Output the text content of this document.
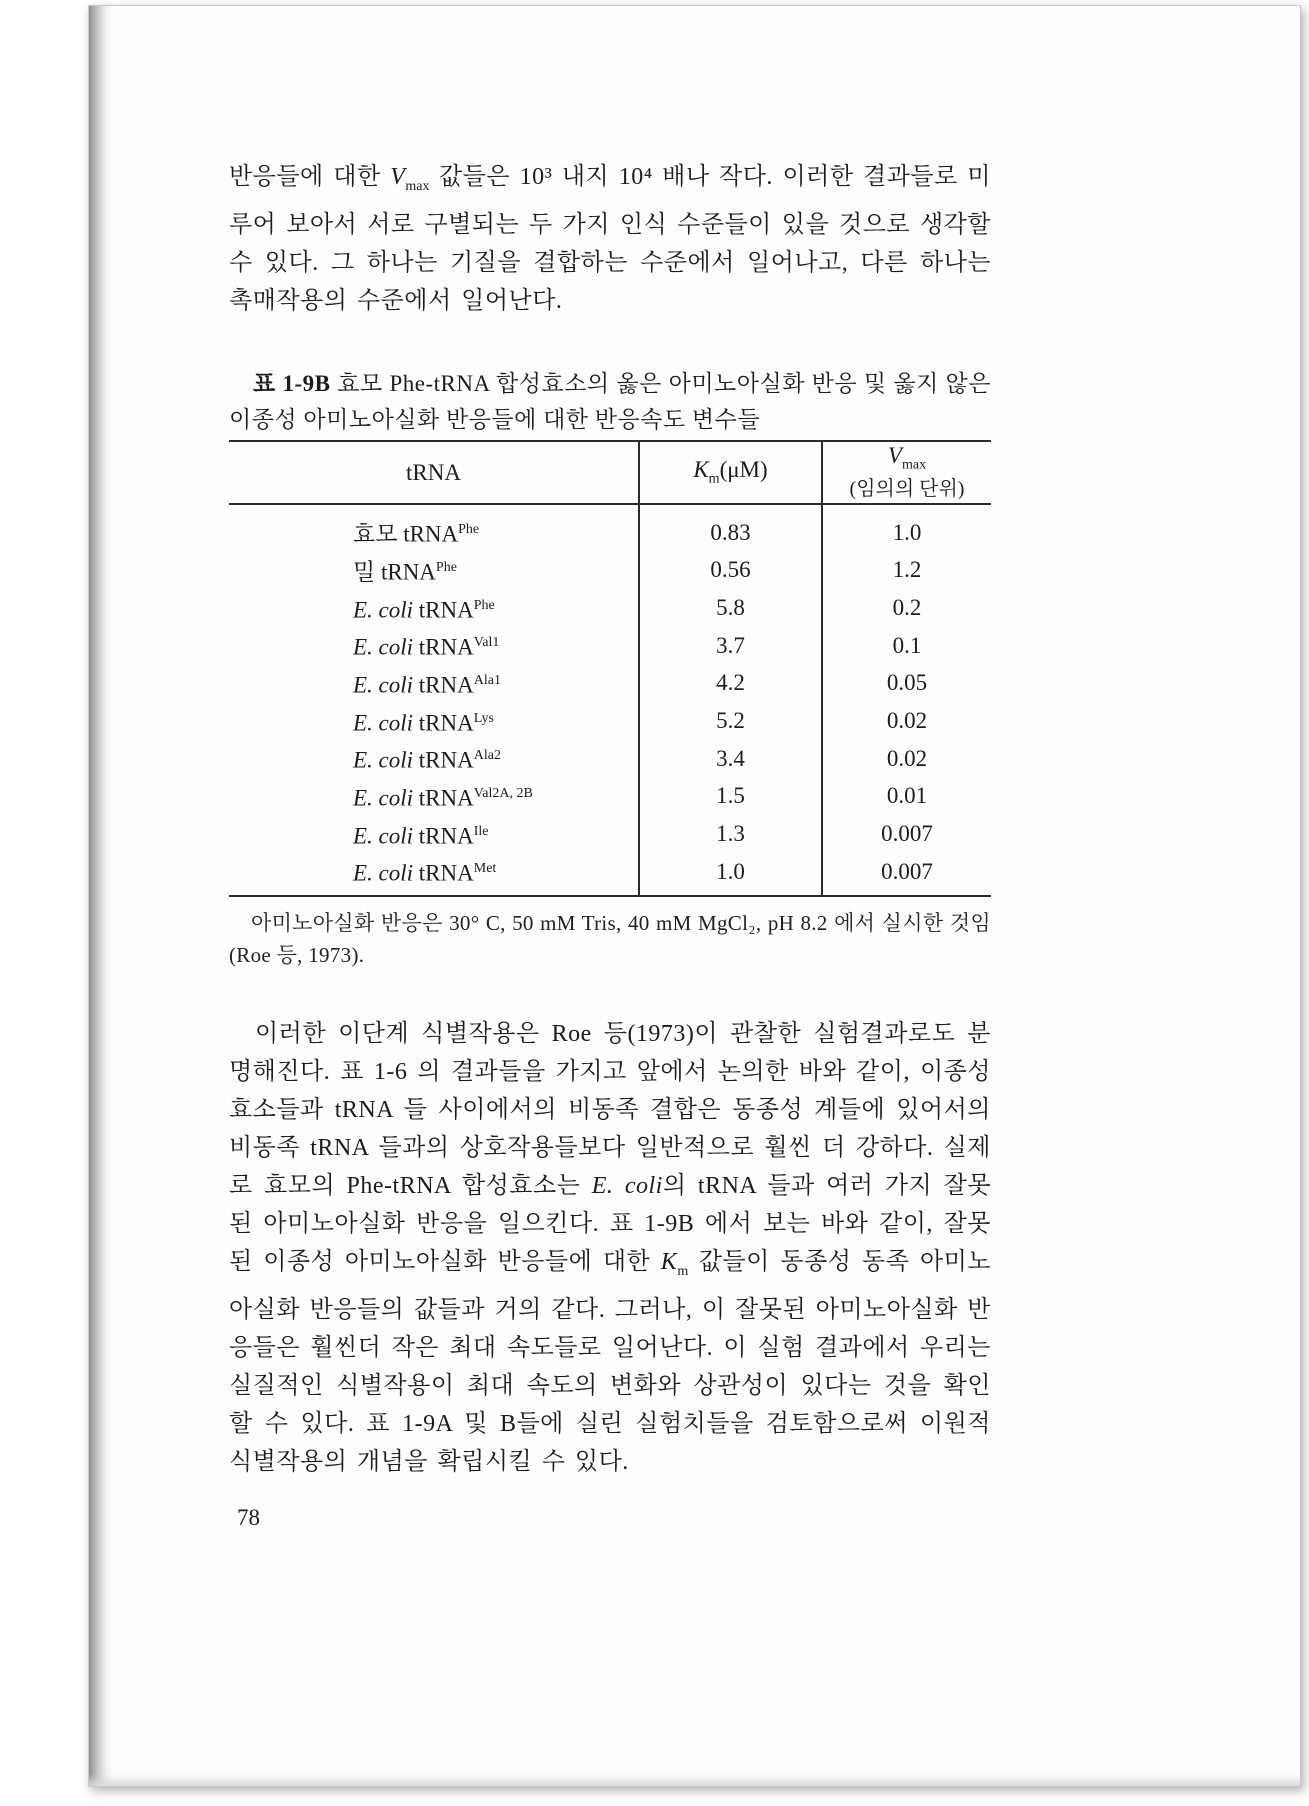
반응들에 대한 $V_{max}$ 값들은 10³ 내지 10⁴ 배나 작다. 이러한 결과들로 미루어 보아서 서로 구별되는 두 가지 인식 수준들이 있을 것으로 생각할 수 있다. 그 하나는 기질을 결합하는 수준에서 일어나고, 다른 하나는 촉매작용의 수준에서 일어난다.

표 1-9B 효모 Phe-tRNA 합성효소의 옳은 아미노아실화 반응 및 옳지 않은 이종성 아미노아실화 반응들에 대한 반응속도 변수들

tRNA	$K_m(\mu M)$	$V_{max}$
(임의의 단위)

효모 tRNA$^{Phe}$	0.83	1.0
밀 tRNA$^{Phe}$	0.56	1.2
E. coli tRNA$^{Phe}$	5.8	0.2
E. coli tRNA$^{Val1}$	3.7	0.1
E. coli tRNA$^{Ala1}$	4.2	0.05
E. coli tRNA$^{Lys}$	5.2	0.02
E. coli tRNA$^{Ala2}$	3.4	0.02
E. coli tRNA$^{Val2A, 2B}$	1.5	0.01
E. coli tRNA$^{Ile}$	1.3	0.007
E. coli tRNA$^{Met}$	1.0	0.007

아미노아실화 반응은 30° C, 50 mM Tris, 40 mM MgCl₂, pH 8.2 에서 실시한 것임 (Roe 등, 1973).

이러한 이단계 식별작용은 Roe 등(1973)이 관찰한 실험결과로도 분명해진다. 표 1-6 의 결과들을 가지고 앞에서 논의한 바와 같이, 이종성 효소들과 tRNA 들 사이에서의 비동족 결합은 동종성 계들에 있어서의 비동족 tRNA 들과의 상호작용들보다 일반적으로 훨씬 더 강하다. 실제로 효모의 Phe-tRNA 합성효소는 E. coli의 tRNA 들과 여러 가지 잘못된 아미노아실화 반응을 일으킨다. 표 1-9B 에서 보는 바와 같이, 잘못된 이종성 아미노아실화 반응들에 대한 $K_m$ 값들이 동종성 동족 아미노아실화 반응들의 값들과 거의 같다. 그러나, 이 잘못된 아미노아실화 반응들은 훨씬더 작은 최대 속도들로 일어난다. 이 실험 결과에서 우리는 실질적인 식별작용이 최대 속도의 변화와 상관성이 있다는 것을 확인할 수 있다. 표 1-9A 및 B들에 실린 실험치들을 검토함으로써 이원적 식별작용의 개념을 확립시킬 수 있다.

78
